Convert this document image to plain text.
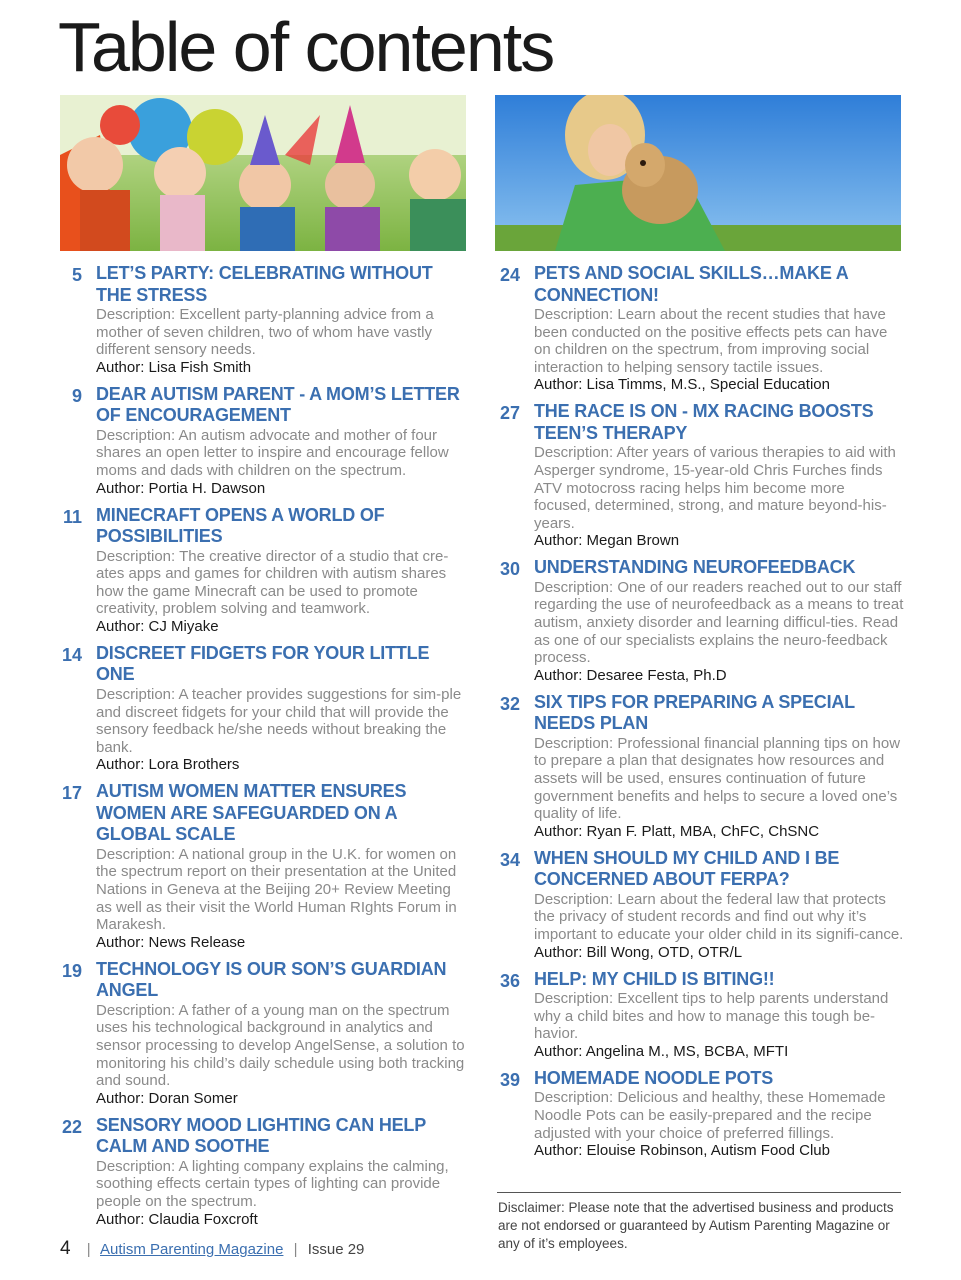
Table of contents
5 LET’S PARTY: CELEBRATING WITHOUT THE STRESS
Description: Excellent party-planning advice from a mother of seven children, two of whom have vastly different sensory needs.
Author: Lisa Fish Smith
9 DEAR AUTISM PARENT - A MOM’S LETTER OF ENCOURAGEMENT
Description: An autism advocate and mother of four shares an open letter to inspire and encourage fellow moms and dads with children on the spectrum.
Author: Portia H. Dawson
11 MINECRAFT OPENS A WORLD OF POSSIBILITIES
Description: The creative director of a studio that cre-ates apps and games for children with autism shares how the game Minecraft can be used to promote creativity, problem solving and teamwork.
Author: CJ Miyake
14 DISCREET FIDGETS FOR YOUR LITTLE ONE
Description: A teacher provides suggestions for sim-ple and discreet fidgets for your child that will provide the sensory feedback he/she needs without breaking the bank.
Author: Lora Brothers
17 AUTISM WOMEN MATTER ENSURES WOMEN ARE SAFEGUARDED ON A GLOBAL SCALE
Description: A national group in the U.K. for women on the spectrum report on their presentation at the United Nations in Geneva at the Beijing 20+ Review Meeting as well as their visit the World Human RIghts Forum in Marakesh.
Author: News Release
19 TECHNOLOGY IS OUR SON’S GUARDIAN ANGEL
Description: A father of a young man on the spectrum uses his technological background in analytics and sensor processing to develop AngelSense, a solution to monitoring his child’s daily schedule using both tracking and sound.
Author: Doran Somer
22 SENSORY MOOD LIGHTING CAN HELP CALM AND SOOTHE
Description: A lighting company explains the calming, soothing effects certain types of lighting can provide people on the spectrum.
Author: Claudia Foxcroft
24 PETS AND SOCIAL SKILLS…MAKE A CONNECTION!
Description: Learn about the recent studies that have been conducted on the positive effects pets can have on children on the spectrum, from improving social interaction to helping sensory tactile issues.
Author: Lisa Timms, M.S., Special Education
27 THE RACE IS ON - MX RACING BOOSTS TEEN’S THERAPY
Description: After years of various therapies to aid with Asperger syndrome, 15-year-old Chris Furches finds ATV motocross racing helps him become more focused, determined, strong, and mature beyond-his-years.
Author: Megan Brown
30 UNDERSTANDING NEUROFEEDBACK
Description: One of our readers reached out to our staff regarding the use of neurofeedback as a means to treat autism, anxiety disorder and learning difficul-ties. Read as one of our specialists explains the neuro-feedback process.
Author: Desaree Festa, Ph.D
32 SIX TIPS FOR PREPARING A SPECIAL NEEDS PLAN
Description: Professional financial planning tips on how to prepare a plan that designates how resources and assets will be used, ensures continuation of future government benefits and helps to secure a loved one’s quality of life.
Author: Ryan F. Platt, MBA, ChFC, ChSNC
34 WHEN SHOULD MY CHILD AND I BE CONCERNED ABOUT FERPA?
Description: Learn about the federal law that protects the privacy of student records and find out why it’s important to educate your older child in its signifi-cance.
Author: Bill Wong, OTD, OTR/L
36 HELP: MY CHILD IS BITING!!
Description: Excellent tips to help parents understand why a child bites and how to manage this tough be-havior.
Author: Angelina M., MS, BCBA, MFTI
39 HOMEMADE NOODLE POTS
Description: Delicious and healthy, these Homemade Noodle Pots can be easily-prepared and the recipe adjusted with your choice of preferred fillings.
Author: Elouise Robinson, Autism Food Club
Disclaimer: Please note that the advertised business and products are not endorsed or guaranteed by Autism Parenting Magazine or any of it’s employees.
4 | Autism Parenting Magazine | Issue 29
